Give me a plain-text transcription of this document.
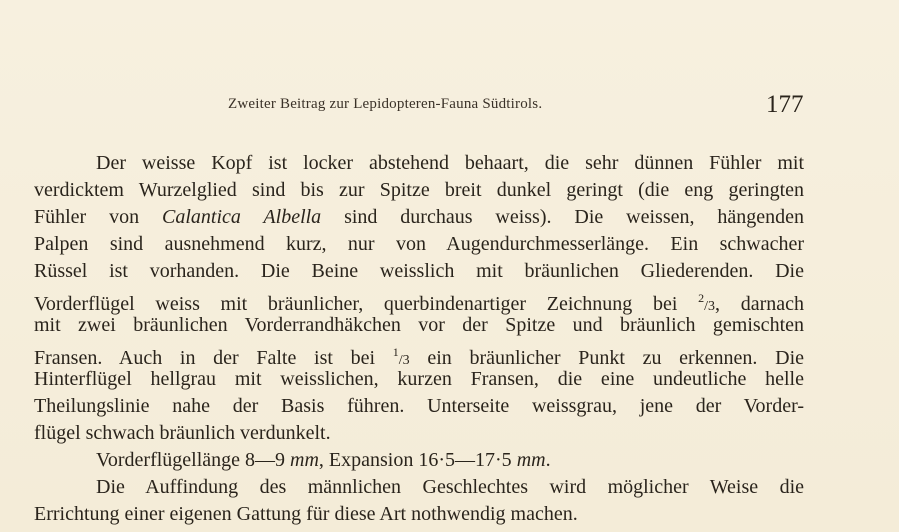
Zweiter Beitrag zur Lepidopteren-Fauna Südtirols.	177
Der weisse Kopf ist locker abstehend behaart, die sehr dünnen Fühler mit
verdicktem Wurzelglied sind bis zur Spitze breit dunkel geringt (die eng geringten
Fühler von Calantica Albella sind durchaus weiss). Die weissen, hängenden
Palpen sind ausnehmend kurz, nur von Augendurchmesserlänge. Ein schwacher
Rüssel ist vorhanden. Die Beine weisslich mit bräunlichen Gliederenden. Die
Vorderflügel weiss mit bräunlicher, querbindenartiger Zeichnung bei $^2$/3, darnach
mit zwei bräunlichen Vorderrandhäkchen vor der Spitze und bräunlich gemischten
Fransen. Auch in der Falte ist bei $^1$/3 ein bräunlicher Punkt zu erkennen. Die
Hinterflügel hellgrau mit weisslichen, kurzen Fransen, die eine undeutliche helle
Theilungslinie nahe der Basis führen. Unterseite weissgrau, jene der Vorder-
flügel schwach bräunlich verdunkelt.
Vorderflügellänge 8—9 mm, Expansion 16·5—17·5 mm.
Die Auffindung des männlichen Geschlechtes wird möglicher Weise die
Errichtung einer eigenen Gattung für diese Art nothwendig machen.
